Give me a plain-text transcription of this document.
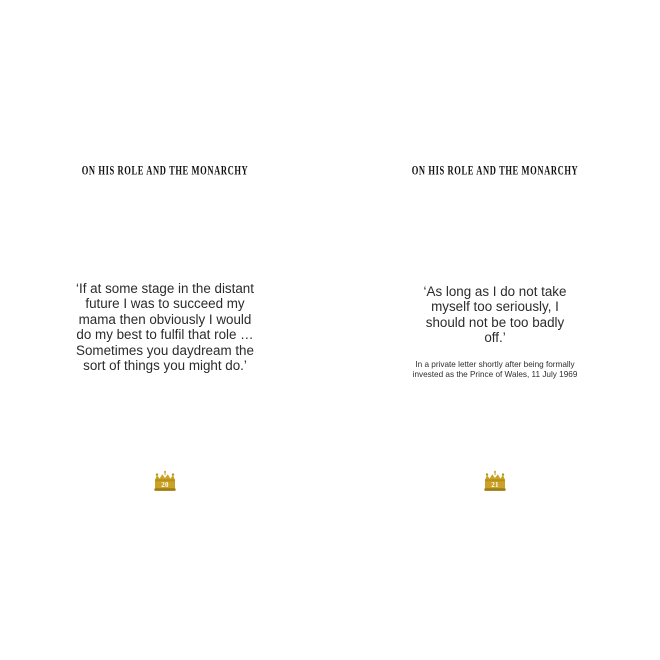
ON HIS ROLE AND THE MONARCHY

‘If at some stage in the distant future I was to succeed my mama then obviously I would do my best to fulfil that role … Sometimes you daydream the sort of things you might do.’

20
ON HIS ROLE AND THE MONARCHY

‘As long as I do not take myself too seriously, I should not be too badly off.’

In a private letter shortly after being formally invested as the Prince of Wales, 11 July 1969

21
